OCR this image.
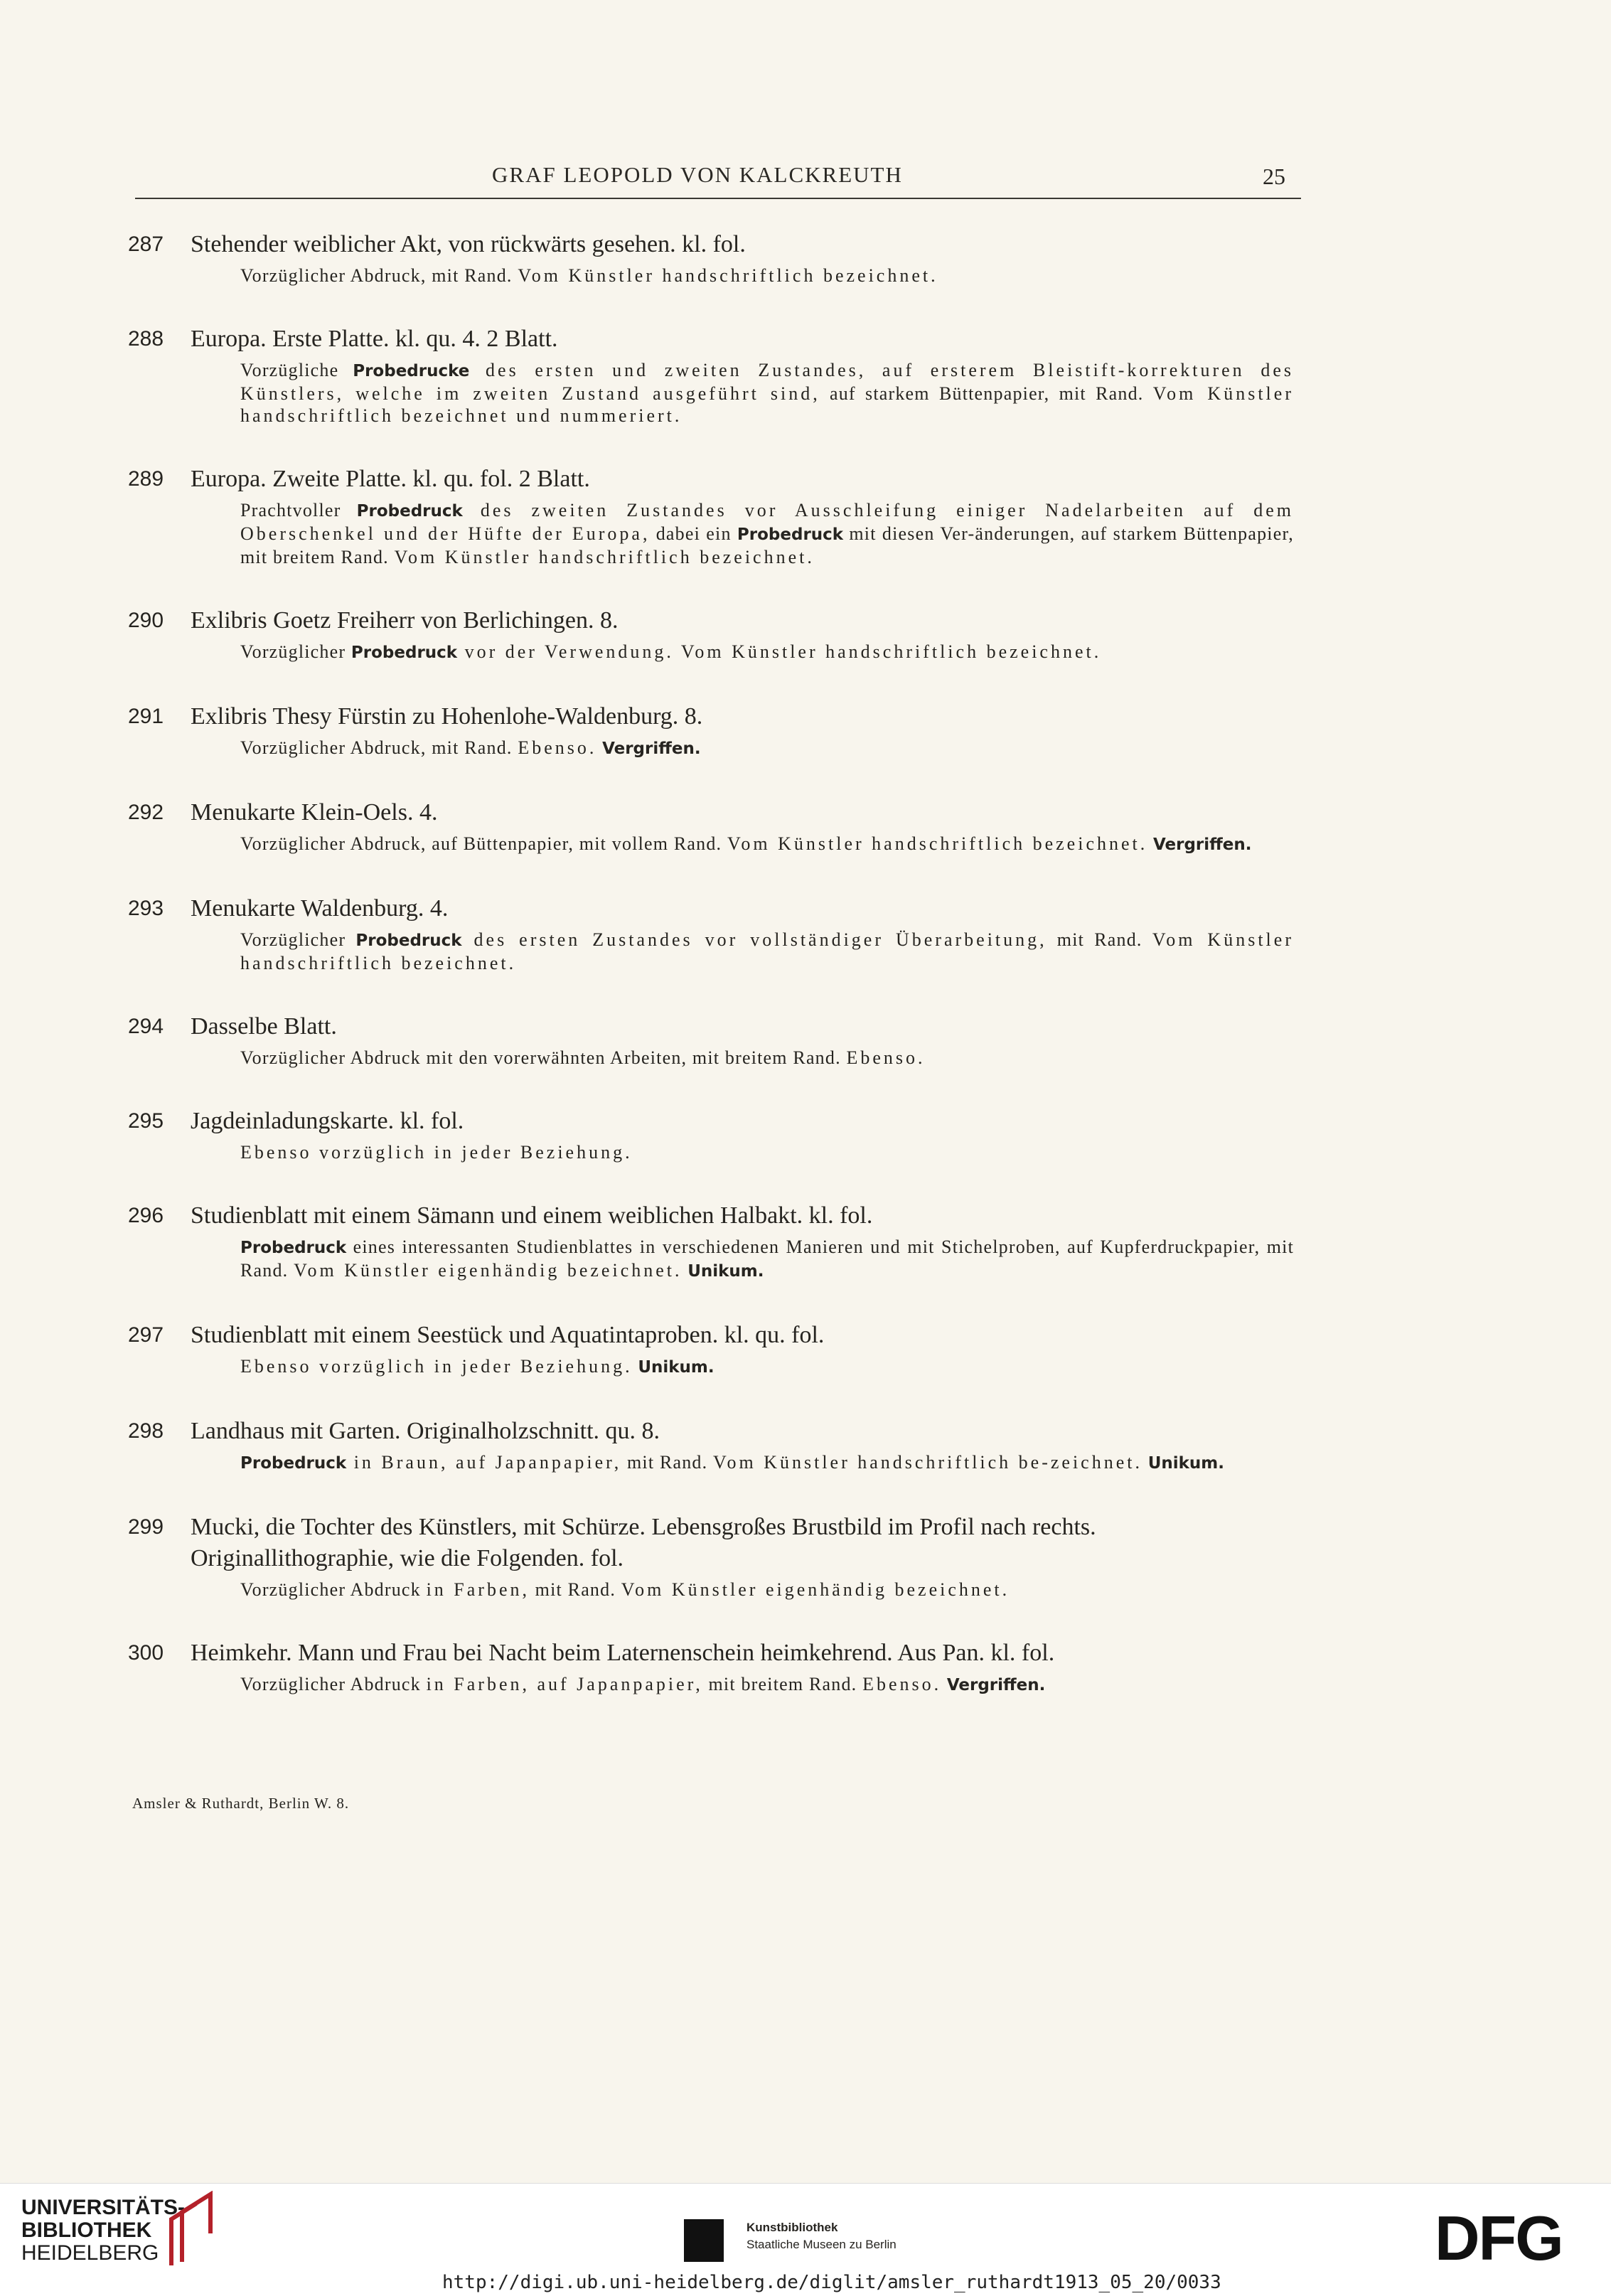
GRAF LEOPOLD VON KALCKREUTH	25
287 Stehender weiblicher Akt, von rückwärts gesehen. kl. fol.
Vorzüglicher Abdruck, mit Rand. Vom Künstler handschriftlich bezeichnet.
288 Europa. Erste Platte. kl. qu. 4. 2 Blatt.
Vorzügliche Probedrucke des ersten und zweiten Zustandes, auf ersterem Bleistift-korrekturen des Künstlers, welche im zweiten Zustand ausgeführt sind, auf starkem Büttenpapier, mit Rand. Vom Künstler handschriftlich bezeichnet und nummeriert.
289 Europa. Zweite Platte. kl. qu. fol. 2 Blatt.
Prachtvoller Probedruck des zweiten Zustandes vor Ausschleifung einiger Nadelarbeiten auf dem Oberschenkel und der Hüfte der Europa, dabei ein Probedruck mit diesen Ver-änderungen, auf starkem Büttenpapier, mit breitem Rand. Vom Künstler handschriftlich bezeichnet.
290 Exlibris Goetz Freiherr von Berlichingen. 8.
Vorzüglicher Probedruck vor der Verwendung. Vom Künstler handschriftlich bezeichnet.
291 Exlibris Thesy Fürstin zu Hohenlohe-Waldenburg. 8.
Vorzüglicher Abdruck, mit Rand. Ebenso. Vergriffen.
292 Menukarte Klein-Oels. 4.
Vorzüglicher Abdruck, auf Büttenpapier, mit vollem Rand. Vom Künstler handschriftlich bezeichnet. Vergriffen.
293 Menukarte Waldenburg. 4.
Vorzüglicher Probedruck des ersten Zustandes vor vollständiger Überarbeitung, mit Rand. Vom Künstler handschriftlich bezeichnet.
294 Dasselbe Blatt.
Vorzüglicher Abdruck mit den vorerwähnten Arbeiten, mit breitem Rand. Ebenso.
295 Jagdeinladungskarte. kl. fol.
Ebenso vorzüglich in jeder Beziehung.
296 Studienblatt mit einem Sämann und einem weiblichen Halbakt. kl. fol.
Probedruck eines interessanten Studienblattes in verschiedenen Manieren und mit Stichelproben, auf Kupferdruckpapier, mit Rand. Vom Künstler eigenhändig bezeichnet. Unikum.
297 Studienblatt mit einem Seestück und Aquatintaproben. kl. qu. fol.
Ebenso vorzüglich in jeder Beziehung. Unikum.
298 Landhaus mit Garten. Originalholzschnitt. qu. 8.
Probedruck in Braun, auf Japanpapier, mit Rand. Vom Künstler handschriftlich be-zeichnet. Unikum.
299 Mucki, die Tochter des Künstlers, mit Schürze. Lebensgroßes Brustbild im Profil nach rechts. Originallithographie, wie die Folgenden. fol.
Vorzüglicher Abdruck in Farben, mit Rand. Vom Künstler eigenhändig bezeichnet.
300 Heimkehr. Mann und Frau bei Nacht beim Laternenschein heimkehrend. Aus Pan. kl. fol.
Vorzüglicher Abdruck in Farben, auf Japanpapier, mit breitem Rand. Ebenso. Vergriffen.
Amsler & Ruthardt, Berlin W. 8.
UNIVERSITÄTS-
BIBLIOTHEK
HEIDELBERG
Kunstbibliothek
Staatliche Museen zu Berlin	DFG
http://digi.ub.uni-heidelberg.de/diglit/amsler_ruthardt1913_05_20/0033
